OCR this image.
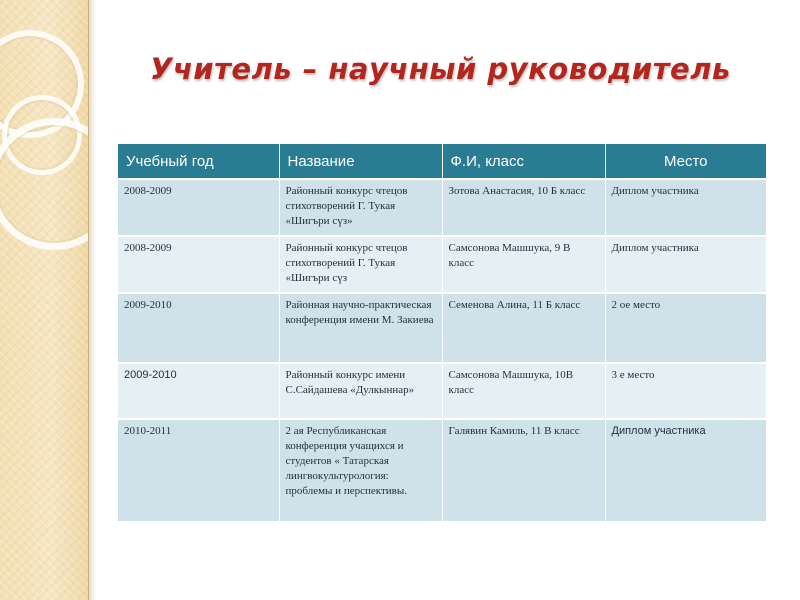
Учитель – научный руководитель
Учебный год	Название	Ф.И, класс	Место
2008-2009	Районный конкурс чтецов стихотворений Г. Тукая «Шигъри сүз»	Зотова Анастасия, 10 Б класс	Диплом участника
2008-2009	Районный конкурс чтецов стихотворений Г. Тукая «Шигъри сүз	Самсонова Машшука, 9 В класс	Диплом участника
2009-2010	Районная научно-практическая конференция имени М. Закиева	Семенова Алина, 11 Б класс	2 ое место
2009-2010	Районный конкурс имени С.Сайдашева «Дулкыннар»	Самсонова Машшука, 10В класс	3 е место
2010-2011	2 ая Республиканская конференция учащихся и студентов « Татарская лингвокультурология: проблемы и перспективы.	Галявин Камиль, 11 В класс	Диплом участника
